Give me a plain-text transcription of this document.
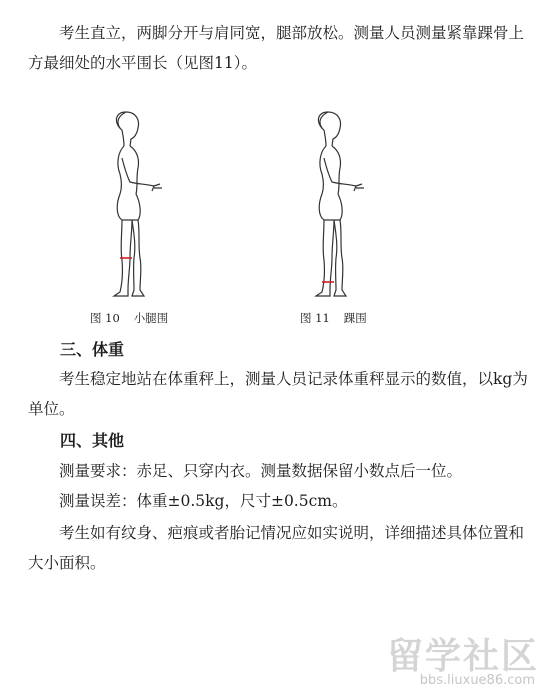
考生直立，两脚分开与肩同宽，腿部放松。测量人员测量紧靠踝骨上方最细处的水平围长（见图11）。

图 10 小腿围	图 11 踝围
三、体重

考生稳定地站在体重秤上，测量人员记录体重秤显示的数值，以kg为单位。

四、其他

测量要求：赤足、只穿内衣。测量数据保留小数点后一位。

测量误差：体重±0.5kg，尺寸±0.5cm。

考生如有纹身、疤痕或者胎记情况应如实说明，详细描述具体位置和大小面积。

留学社区
bbs.liuxue86.com
